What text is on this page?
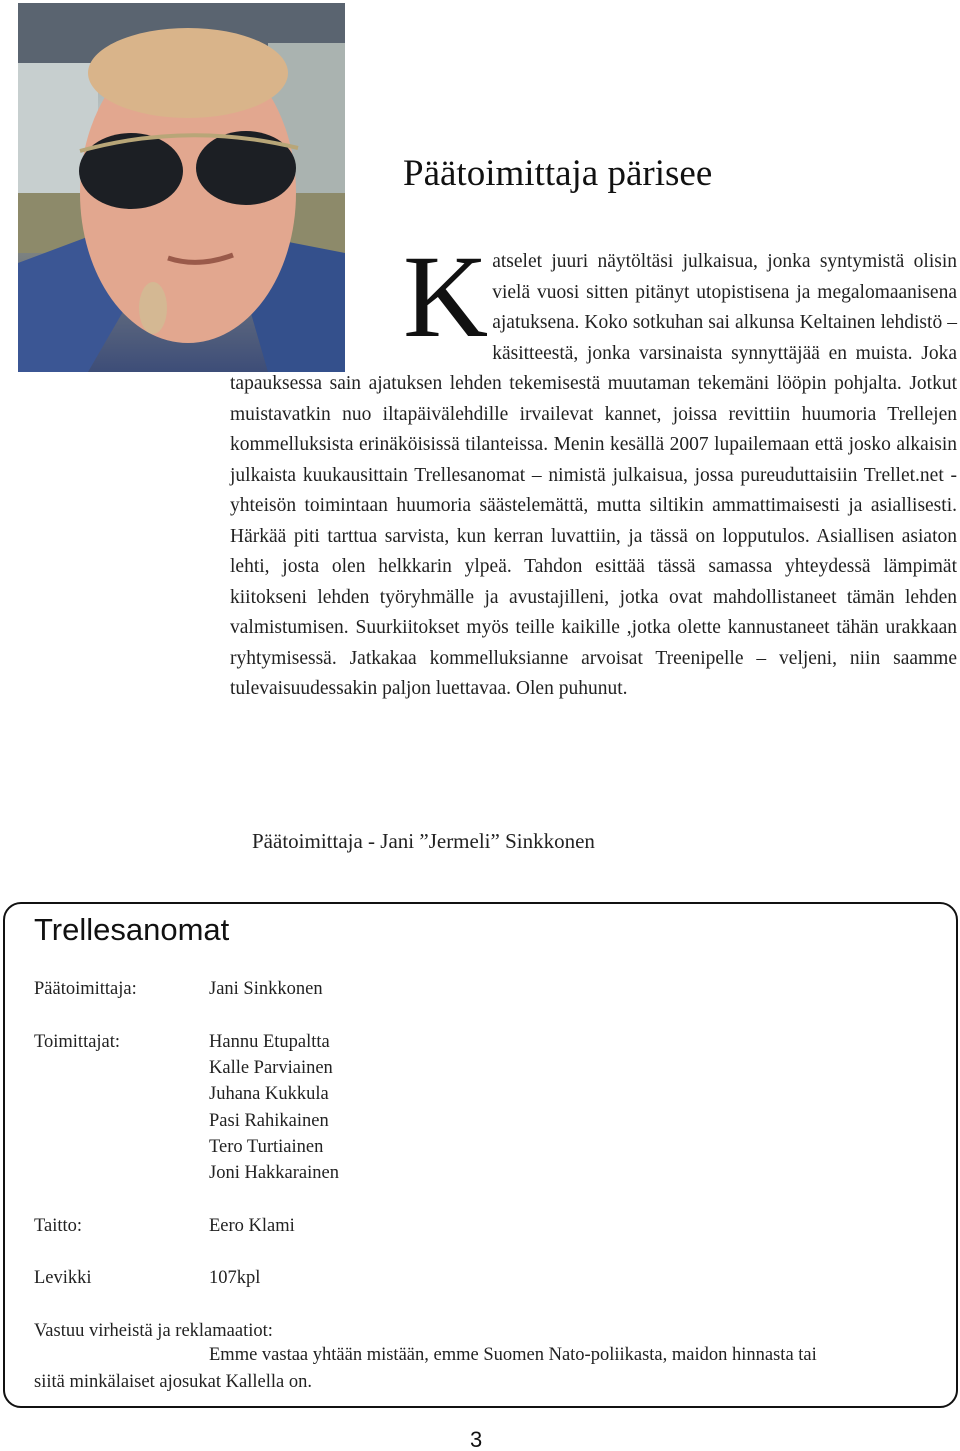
Päätoimittaja pärisee
K atselet juuri näytöltäsi julkaisua, jonka syntymistä olisin vielä vuosi sitten pitänyt utopistisena ja megalomaanisena ajatuksena. Koko sotkuhan sai alkunsa Keltainen lehdistö – käsitteestä, jonka varsinaista synnyttäjää en muista. Joka tapauksessa sain ajatuksen lehden tekemisestä muutaman tekemäni lööpin pohjalta. Jotkut muistavatkin nuo iltapäivälehdille irvailevat kannet, joissa revittiin huumoria Trellejen kommelluksista erinäköisissä tilanteissa. Menin kesällä 2007 lupailemaan että josko alkaisin julkaista kuukausittain Trellesanomat – nimistä julkaisua, jossa pureuduttaisiin Trellet.net -yhteisön toimintaan huumoria säästelemättä, mutta siltikin ammattimaisesti ja asiallisesti. Härkää piti tarttua sarvista, kun kerran luvattiin, ja tässä on lopputulos. Asiallisen asiaton lehti, josta olen helkkarin ylpeä. Tahdon esittää tässä samassa yhteydessä lämpimät kiitokseni lehden työryhmälle ja avustajilleni, jotka ovat mahdollistaneet tämän lehden valmistumisen. Suurkiitokset myös teille kaikille ,jotka olette kannustaneet tähän urakkaan ryhtymisessä. Jatkakaa kommelluksianne arvoisat Treenipelle – veljeni, niin saamme tulevaisuudessakin paljon luettavaa. Olen puhunut.

Päätoimittaja - Jani ”Jermeli” Sinkkonen
Trellesanomat
Päätoimittaja:	Jani Sinkkonen
Toimittajat:	Hannu Etupaltta
Kalle Parviainen
Juhana Kukkula
Pasi Rahikainen
Tero Turtiainen
Joni Hakkarainen
Taitto:	Eero Klami
Levikki	107kpl
Vastuu virheistä ja reklamaatiot:
Emme vastaa yhtään mistään, emme Suomen Nato-poliikasta, maidon hinnasta tai
siitä minkälaiset ajosukat Kallella on.
3
